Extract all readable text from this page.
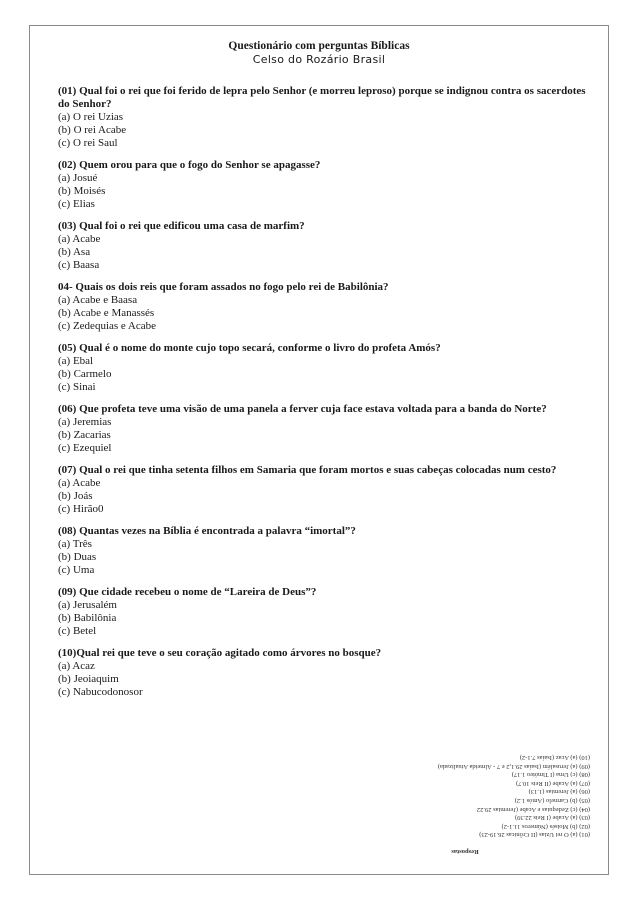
Questionário com perguntas Bíblicas
Celso do Rozário Brasil
(01) Qual foi o rei que foi ferido de lepra pelo Senhor (e morreu leproso) porque se indignou contra os sacerdotes do Senhor?
(a) O rei Uzias
(b) O rei Acabe
(c) O rei Saul
(02) Quem orou para que o fogo do Senhor se apagasse?
(a) Josué
(b) Moisés
(c) Elias
(03) Qual foi o rei que edificou uma casa de marfim?
(a) Acabe
(b) Asa
(c) Baasa
04- Quais os dois reis que foram assados no fogo pelo rei de Babilônia?
(a) Acabe e Baasa
(b) Acabe e Manassés
(c) Zedequias e Acabe
(05) Qual é o nome do monte cujo topo secará, conforme o livro do profeta Amós?
(a) Ebal
(b) Carmelo
(c) Sinai
(06) Que profeta teve uma visão de uma panela a ferver cuja face estava voltada para a banda do Norte?
(a) Jeremias
(b) Zacarias
(c) Ezequiel
(07) Qual o rei que tinha setenta filhos em Samaria que foram mortos e suas cabeças colocadas num cesto?
(a) Acabe
(b) Joás
(c) Hirão0
(08) Quantas vezes na Bíblia é encontrada a palavra “imortal”?
(a) Três
(b) Duas
(c) Uma
(09) Que cidade recebeu o nome de “Lareira de Deus”?
(a) Jerusalém
(b) Babilônia
(c) Betel
(10)Qual rei que teve o seu coração agitado como árvores no bosque?
(a) Acaz
(b) Jeoiaquim
(c) Nabucodonosor
Respostas
(01) (a) O rei Uzias (II Crônicas 26.19-23)
(02) (b) Moisés (Números 11.1-2)
(03) (a) Acabe (I Reis 22.39)
(04) (c) Zedequias e Acabe (Jeremias 29.22
(05) (b) Carmelo (Amós 1.2)
(06) (a) Jeremias (1.13)
(07) (a) Acabe (II Reis 10.7)
(08) (c) Uma (I Timóteo 1.17)
(09) (a) Jerusalém (Isaías 29.1,2 e 7 - Almeida Atualizada)
(10) (a) Acaz (Isaías 7.1-2)
